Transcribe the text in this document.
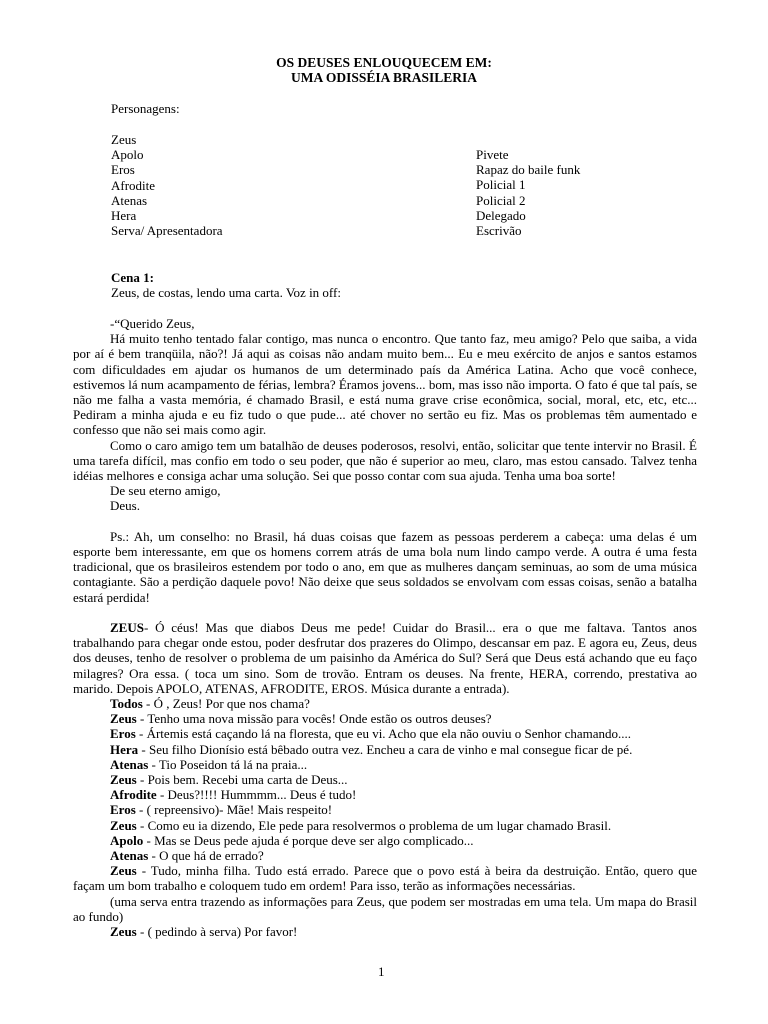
OS DEUSES ENLOUQUECEM EM:
UMA ODISSÉIA BRASILERIA
Personagens:
Zeus
Apolo
Eros
Afrodite
Atenas
Hera
Serva/ Apresentadora
Pivete
Rapaz do baile funk
Policial 1
Policial 2
Delegado
Escrivão
Cena 1:
Zeus, de costas, lendo uma carta. Voz in off:

-“Querido Zeus,

Há muito tenho tentado falar contigo, mas nunca o encontro. Que tanto faz, meu amigo? Pelo que saiba, a vida por aí é bem tranqüila, não?! Já aqui as coisas não andam muito bem... Eu e meu exército de anjos e santos estamos com dificuldades em ajudar os humanos de um determinado país da América Latina. Acho que você conhece, estivemos lá num acampamento de férias, lembra? Éramos jovens... bom, mas isso não importa. O fato é que tal país, se não me falha a vasta memória, é chamado Brasil, e está numa grave crise econômica, social, moral, etc, etc, etc... Pediram a minha ajuda e eu fiz tudo o que pude... até chover no sertão eu fiz. Mas os problemas têm aumentado e confesso que não sei mais como agir.

Como o caro amigo tem um batalhão de deuses poderosos, resolvi, então, solicitar que tente intervir no Brasil. É uma tarefa difícil, mas confio em todo o seu poder, que não é superior ao meu, claro, mas estou cansado. Talvez tenha idéias melhores e consiga achar uma solução. Sei que posso contar com sua ajuda. Tenha uma boa sorte!

De seu eterno amigo,

Deus.

Ps.: Ah, um conselho: no Brasil, há duas coisas que fazem as pessoas perderem a cabeça: uma delas é um esporte bem interessante, em que os homens correm atrás de uma bola num lindo campo verde. A outra é uma festa tradicional, que os brasileiros estendem por todo o ano, em que as mulheres dançam seminuas, ao som de uma música contagiante. São a perdição daquele povo! Não deixe que seus soldados se envolvam com essas coisas, senão a batalha estará perdida!

ZEUS- Ó céus! Mas que diabos Deus me pede! Cuidar do Brasil... era o que me faltava. Tantos anos trabalhando para chegar onde estou, poder desfrutar dos prazeres do Olimpo, descansar em paz. E agora eu, Zeus, deus dos deuses, tenho de resolver o problema de um paisinho da América do Sul? Será que Deus está achando que eu faço milagres? Ora essa. ( toca um sino. Som de trovão. Entram os deuses. Na frente, HERA, correndo, prestativa ao marido. Depois APOLO, ATENAS, AFRODITE, EROS. Música durante a entrada).

Todos - Ó , Zeus! Por que nos chama?

Zeus - Tenho uma nova missão para vocês! Onde estão os outros deuses?

Eros - Ártemis está caçando lá na floresta, que eu vi. Acho que ela não ouviu o Senhor chamando....

Hera - Seu filho Dionísio está bêbado outra vez. Encheu a cara de vinho e mal consegue ficar de pé.

Atenas - Tio Poseidon tá lá na praia...

Zeus - Pois bem. Recebi uma carta de Deus...

Afrodite - Deus?!!!! Hummmm... Deus é tudo!

Eros - ( repreensivo)- Mãe! Mais respeito!

Zeus - Como eu ia dizendo, Ele pede para resolvermos o problema de um lugar chamado Brasil.

Apolo - Mas se Deus pede ajuda é porque deve ser algo complicado...

Atenas - O que há de errado?

Zeus - Tudo, minha filha. Tudo está errado. Parece que o povo está à beira da destruição. Então, quero que façam um bom trabalho e coloquem tudo em ordem! Para isso, terão as informações necessárias.

(uma serva entra trazendo as informações para Zeus, que podem ser mostradas em uma tela. Um mapa do Brasil ao fundo)

Zeus - ( pedindo à serva) Por favor!

1
